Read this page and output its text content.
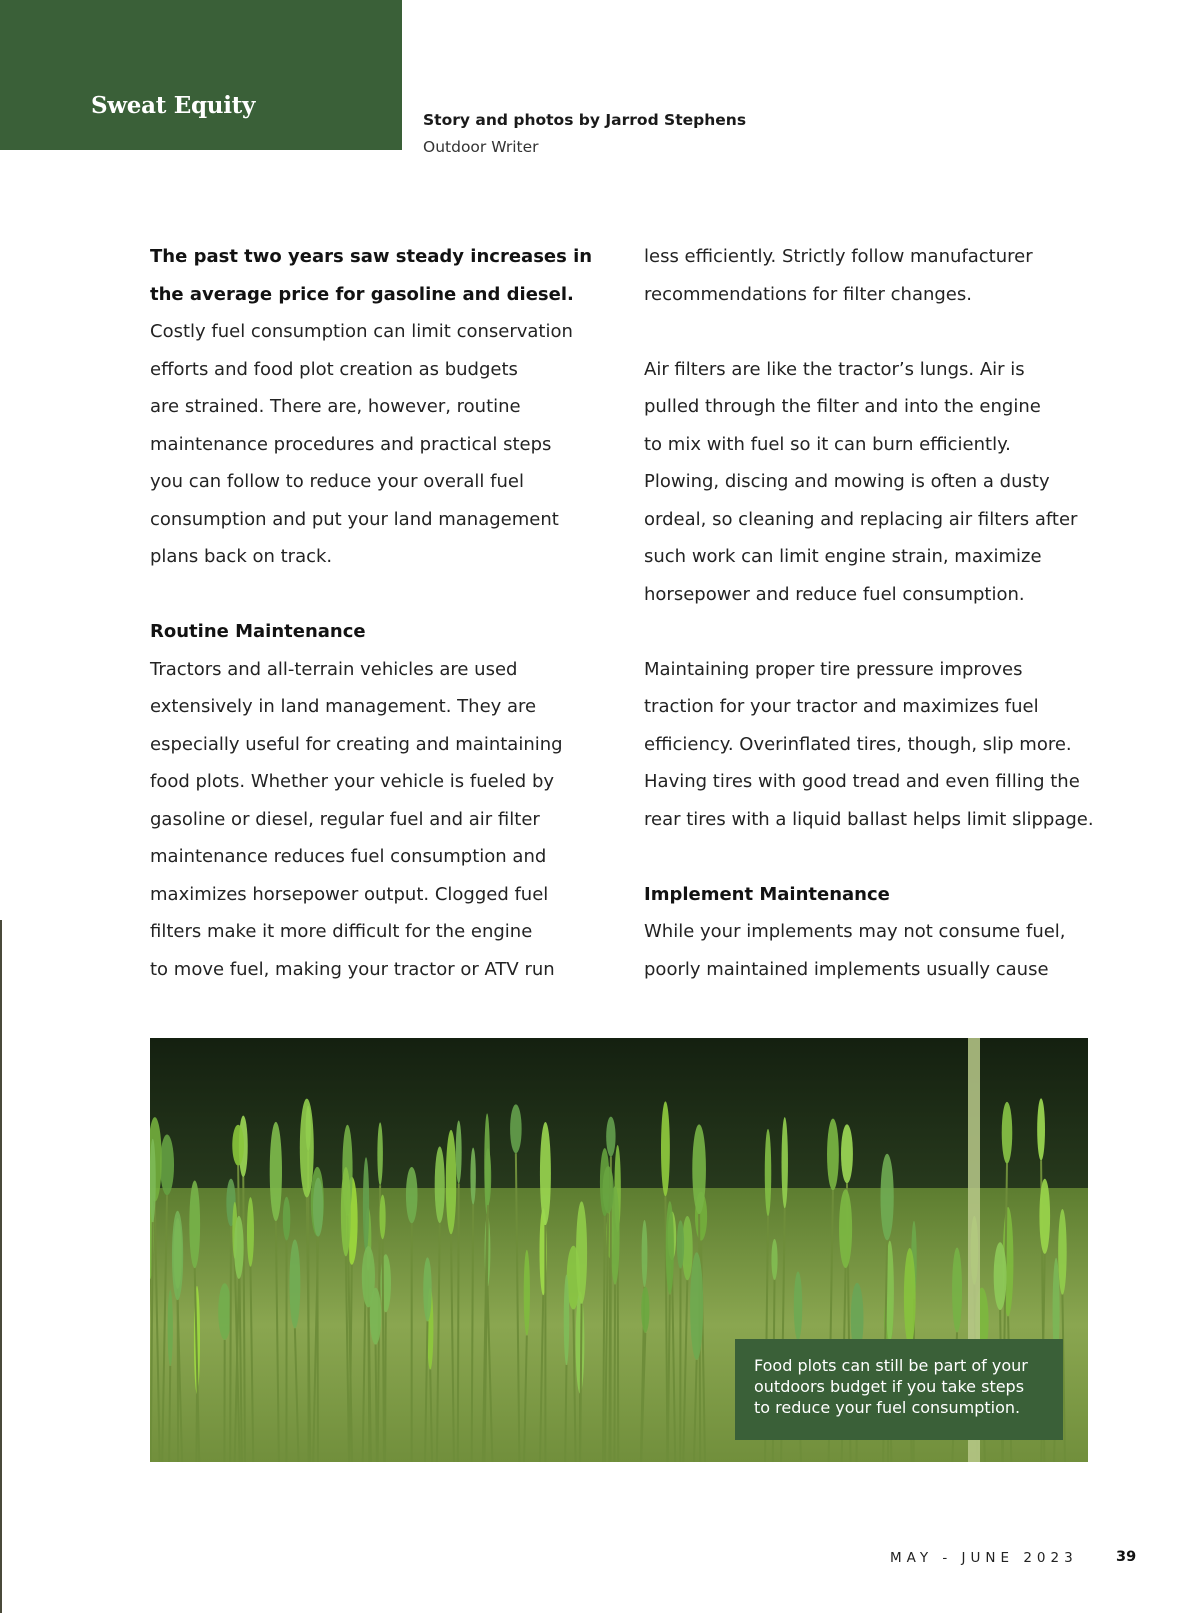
Sweat Equity
Story and photos by Jarrod Stephens
Outdoor Writer
The past two years saw steady increases in
the average price for gasoline and diesel.
Costly fuel consumption can limit conservation
efforts and food plot creation as budgets
are strained. There are, however, routine
maintenance procedures and practical steps
you can follow to reduce your overall fuel
consumption and put your land management
plans back on track.
Routine Maintenance
Tractors and all-terrain vehicles are used
extensively in land management. They are
especially useful for creating and maintaining
food plots. Whether your vehicle is fueled by
gasoline or diesel, regular fuel and air filter
maintenance reduces fuel consumption and
maximizes horsepower output. Clogged fuel
filters make it more difficult for the engine
to move fuel, making your tractor or ATV run
less efficiently. Strictly follow manufacturer
recommendations for filter changes.
Air filters are like the tractor’s lungs. Air is
pulled through the filter and into the engine
to mix with fuel so it can burn efficiently.
Plowing, discing and mowing is often a dusty
ordeal, so cleaning and replacing air filters after
such work can limit engine strain, maximize
horsepower and reduce fuel consumption.
Maintaining proper tire pressure improves
traction for your tractor and maximizes fuel
efficiency. Overinflated tires, though, slip more.
Having tires with good tread and even filling the
rear tires with a liquid ballast helps limit slippage.
Implement Maintenance
While your implements may not consume fuel,
poorly maintained implements usually cause
Food plots can still be part of your
outdoors budget if you take steps
to reduce your fuel consumption.
MAY - JUNE 2023	39
